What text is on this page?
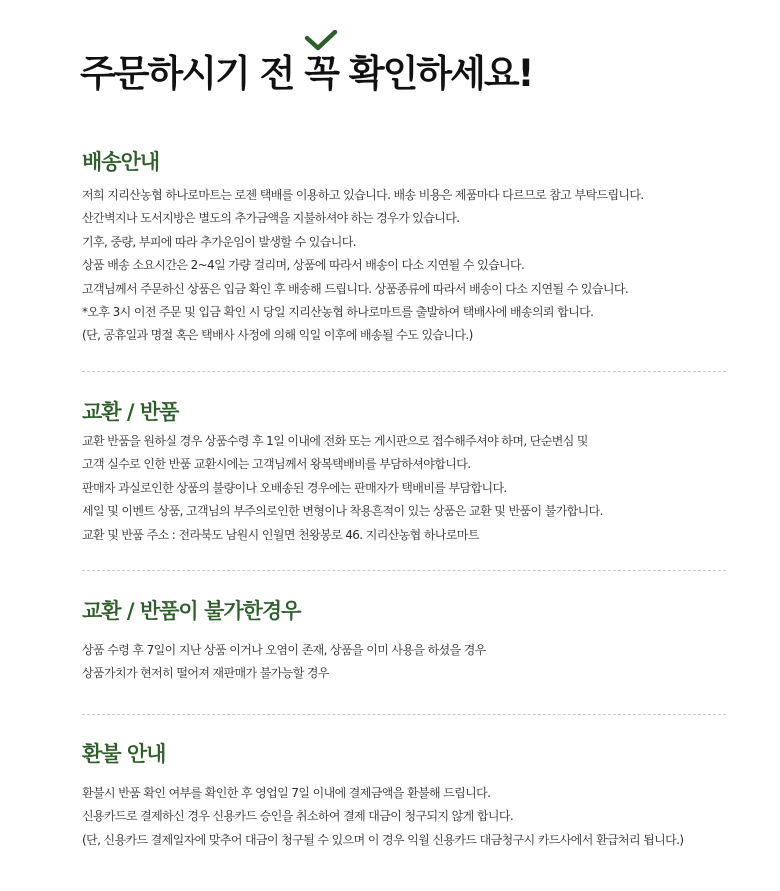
주문하시기 전
꼭 확인하세요!
배송안내
저희 지리산농협 하나로마트는 로젠 택배를 이용하고 있습니다. 배송 비용은 제품마다 다르므로 참고 부탁드립니다.
산간벽지나 도서지방은 별도의 추가금액을 지불하셔야 하는 경우가 있습니다.
기후, 중량, 부피에 따라 추가운임이 발생할 수 있습니다.
상품 배송 소요시간은 2~4일 가량 걸리며, 상품에 따라서 배송이 다소 지연될 수 있습니다.
고객님께서 주문하신 상품은 입금 확인 후 배송해 드립니다. 상품종류에 따라서 배송이 다소 지연될 수 있습니다.
*오후 3시 이전 주문 및 입금 확인 시 당일 지리산농협 하나로마트를 출발하여 택배사에 배송의뢰 합니다.
(단, 공휴일과 명절 혹은 택배사 사정에 의해 익일 이후에 배송될 수도 있습니다.)
교환 / 반품
교환 반품을 원하실 경우 상품수령 후 1일 이내에 전화 또는 게시판으로 접수해주셔야 하며, 단순변심 및
고객 실수로 인한 반품 교환시에는 고객님께서 왕복택배비를 부담하셔야합니다.
판매자 과실로인한 상품의 불량이나 오배송된 경우에는 판매자가 택배비를 부담합니다.
세일 및 이벤트 상품, 고객님의 부주의로인한 변형이나 착용흔적이 있는 상품은 교환 및 반품이 불가합니다.
교환 및 반품 주소 : 전라북도 남원시 인월면 천왕봉로 46. 지리산농협 하나로마트
교환 / 반품이 불가한경우
상품 수령 후 7일이 지난 상품 이거나 오염이 존재, 상품을 이미 사용을 하셨을 경우
상품가치가 현저히 떨어져 재판매가 불가능할 경우
환불 안내
환불시 반품 확인 여부를 확인한 후 영업일 7일 이내에 결제금액을 환불해 드립니다.
신용카드로 결제하신 경우 신용카드 승인을 취소하여 결제 대금이 청구되지 않게 합니다.
(단, 신용카드 결제일자에 맞추어 대금이 청구될 수 있으며 이 경우 익월 신용카드 대금청구시 카드사에서 환급처리 됩니다.)
